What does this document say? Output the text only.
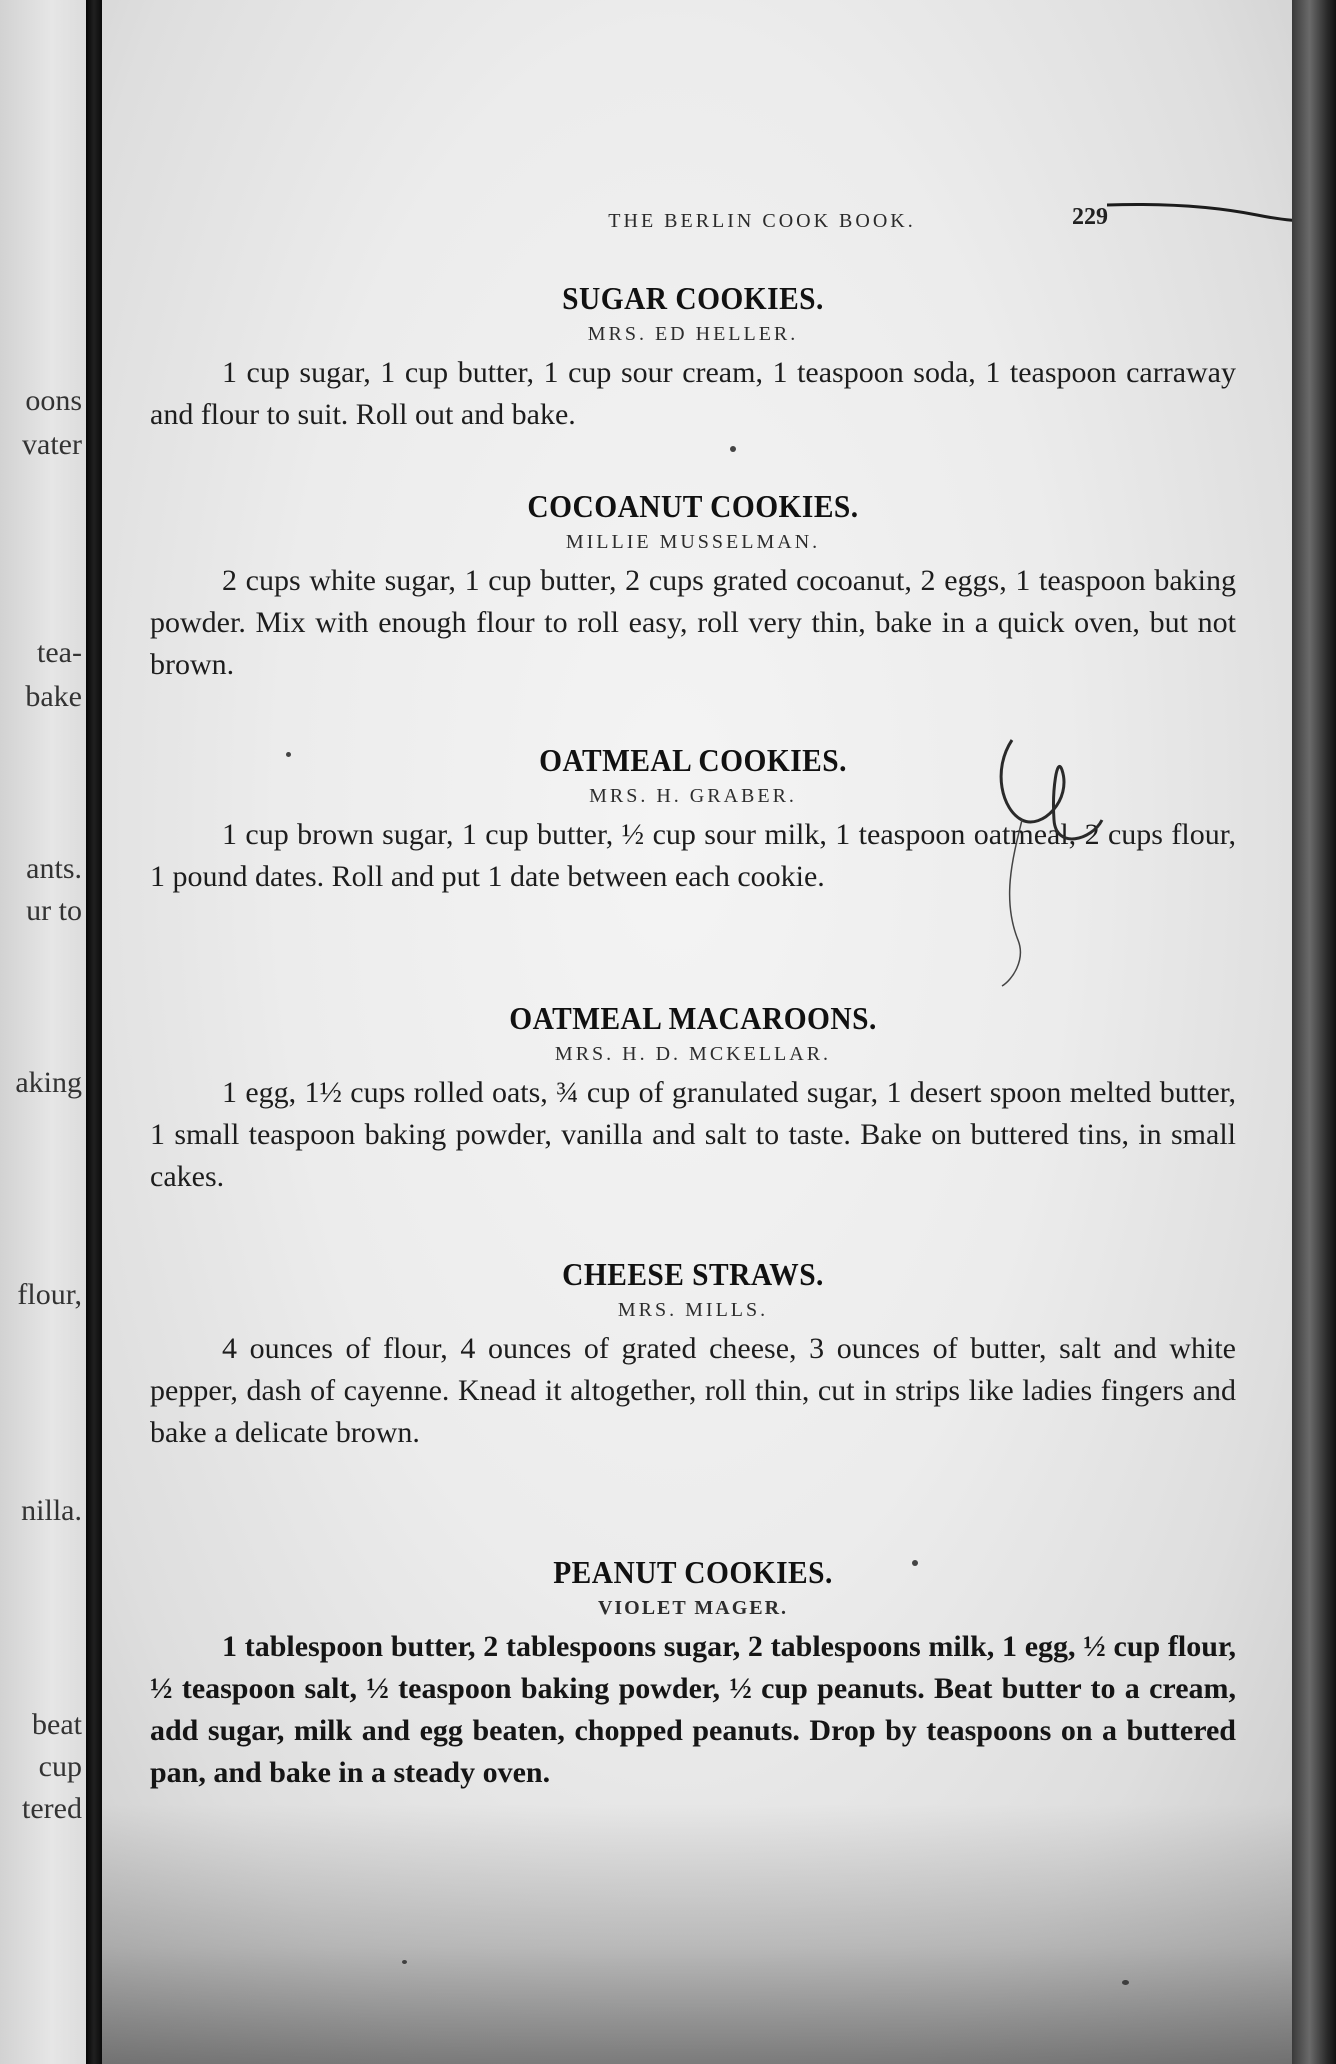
oons
vater
tea-
bake
ants.
ur to
aking
flour,
nilla.
beat
cup
tered
THE BERLIN COOK BOOK.	229
SUGAR COOKIES.
MRS. ED HELLER.
1 cup sugar, 1 cup butter, 1 cup sour cream, 1 teaspoon soda, 1 teaspoon carraway and flour to suit. Roll out and bake.
COCOANUT COOKIES.
MILLIE MUSSELMAN.
2 cups white sugar, 1 cup butter, 2 cups grated cocoanut, 2 eggs, 1 teaspoon baking powder. Mix with enough flour to roll easy, roll very thin, bake in a quick oven, but not brown.
OATMEAL COOKIES.
MRS. H. GRABER.
1 cup brown sugar, 1 cup butter, ½ cup sour milk, 1 teaspoon oatmeal, 2 cups flour, 1 pound dates. Roll and put 1 date between each cookie.
OATMEAL MACAROONS.
MRS. H. D. MCKELLAR.
1 egg, 1½ cups rolled oats, ¾ cup of granulated sugar, 1 desert spoon melted butter, 1 small teaspoon baking powder, vanilla and salt to taste. Bake on buttered tins, in small cakes.
CHEESE STRAWS.
MRS. MILLS.
4 ounces of flour, 4 ounces of grated cheese, 3 ounces of butter, salt and white pepper, dash of cayenne. Knead it altogether, roll thin, cut in strips like ladies fingers and bake a delicate brown.
PEANUT COOKIES.
VIOLET MAGER.
1 tablespoon butter, 2 tablespoons sugar, 2 tablespoons milk, 1 egg, ½ cup flour, ½ teaspoon salt, ½ teaspoon baking powder, ½ cup peanuts. Beat butter to a cream, add sugar, milk and egg beaten, chopped peanuts. Drop by teaspoons on a buttered pan, and bake in a steady oven.
